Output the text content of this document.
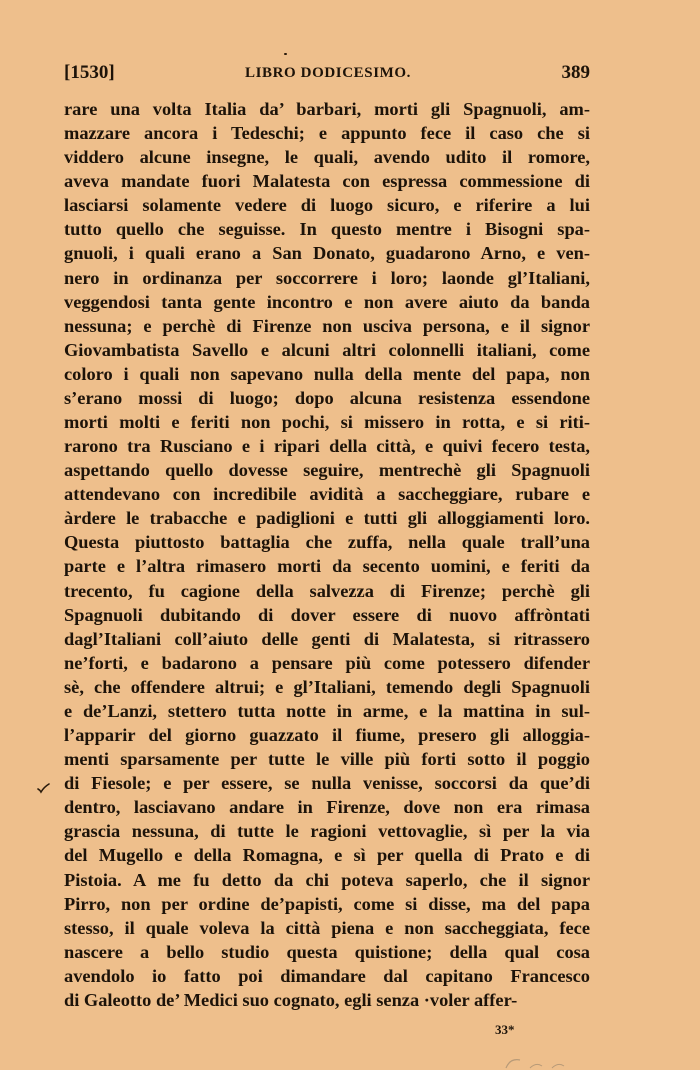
[1530]	LIBRO DODICESIMO.	389
rare una volta Italia da’ barbari, morti gli Spagnuoli, am-
mazzare ancora i Tedeschi; e appunto fece il caso che si
viddero alcune insegne, le quali, avendo udito il romore,
aveva mandate fuori Malatesta con espressa commessione di
lasciarsi solamente vedere di luogo sicuro, e riferire a lui
tutto quello che seguisse. In questo mentre i Bisogni spa-
gnuoli, i quali erano a San Donato, guadarono Arno, e ven-
nero in ordinanza per soccorrere i loro; laonde gl’Italiani,
veggendosi tanta gente incontro e non avere aiuto da banda
nessuna; e perchè di Firenze non usciva persona, e il signor
Giovambatista Savello e alcuni altri colonnelli italiani, come
coloro i quali non sapevano nulla della mente del papa, non
s’erano mossi di luogo; dopo alcuna resistenza essendone
morti molti e feriti non pochi, si missero in rotta, e si riti-
rarono tra Rusciano e i ripari della città, e quivi fecero testa,
aspettando quello dovesse seguire, mentrechè gli Spagnuoli
attendevano con incredibile avidità a saccheggiare, rubare e
àrdere le trabacche e padiglioni e tutti gli alloggiamenti loro.
Questa piuttosto battaglia che zuffa, nella quale trall’una
parte e l’altra rimasero morti da secento uomini, e feriti da
trecento, fu cagione della salvezza di Firenze; perchè gli
Spagnuoli dubitando di dover essere di nuovo affròntati
dagl’Italiani coll’aiuto delle genti di Malatesta, si ritrassero
ne’forti, e badarono a pensare più come potessero difender
sè, che offendere altrui; e gl’Italiani, temendo degli Spagnuoli
e de’Lanzi, stettero tutta notte in arme, e la mattina in sul-
l’apparir del giorno guazzato il fiume, presero gli alloggia-
menti sparsamente per tutte le ville più forti sotto il poggio
di Fiesole; e per essere, se nulla venisse, soccorsi da que’di
dentro, lasciavano andare in Firenze, dove non era rimasa
grascia nessuna, di tutte le ragioni vettovaglie, sì per la via
del Mugello e della Romagna, e sì per quella di Prato e di
Pistoia. A me fu detto da chi poteva saperlo, che il signor
Pirro, non per ordine de’papisti, come si disse, ma del papa
stesso, il quale voleva la città piena e non saccheggiata, fece
nascere a bello studio questa quistione; della qual cosa
avendolo io fatto poi dimandare dal capitano Francesco
di Galeotto de’ Medici suo cognato, egli senza ·voler affer-
33*
